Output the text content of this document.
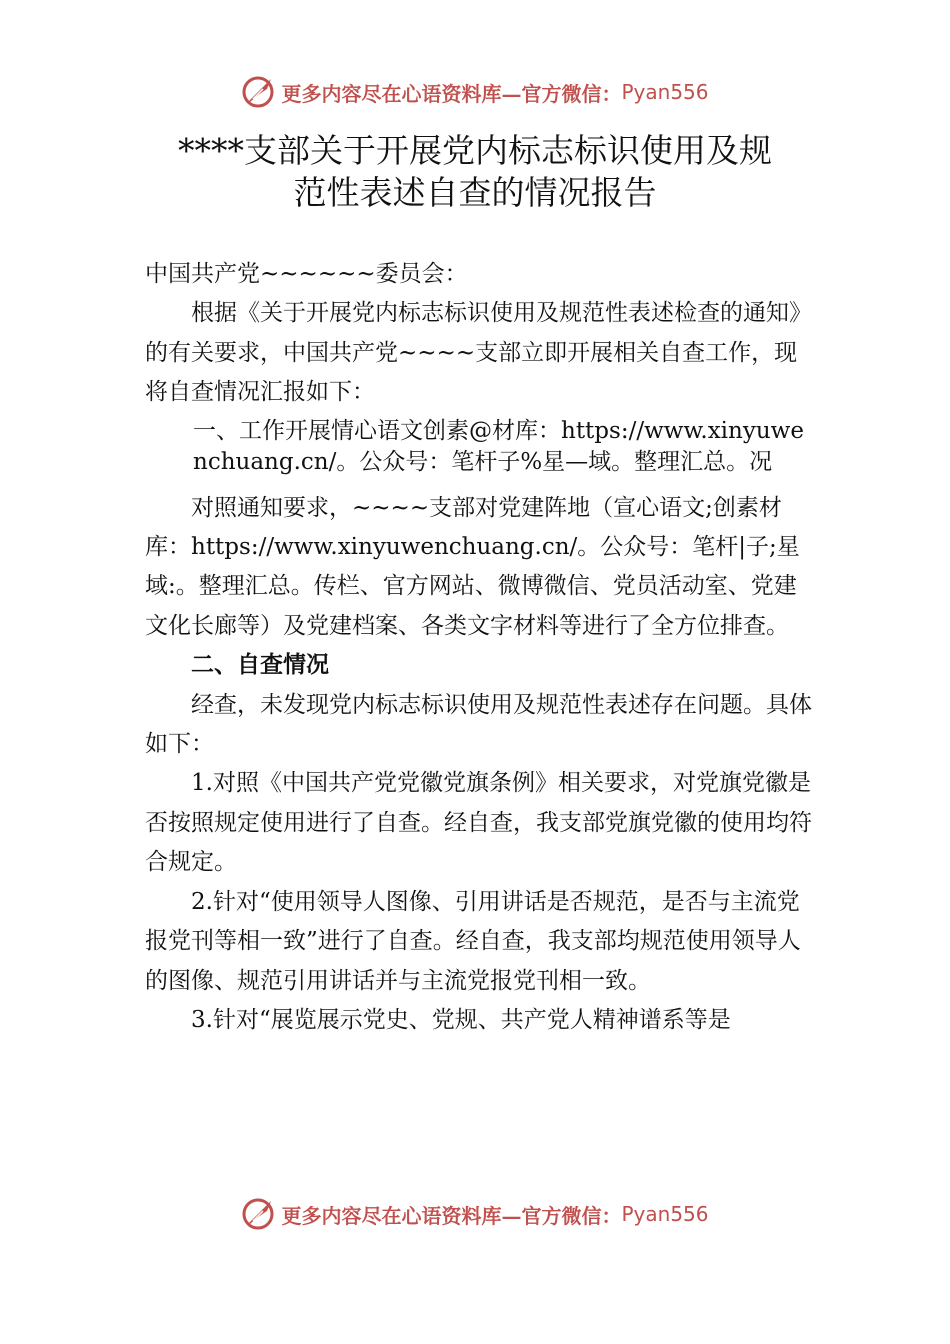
更多内容尽在心语资料库—官方微信： Pyan556
****支部关于开展党内标志标识使用及规
范性表述自查的情况报告

中国共产党~~~~~~委员会：

根据《关于开展党内标志标识使用及规范性表述检查的通知》的有关要求，中国共产党~~~~支部立即开展相关自查工作，现将自查情况汇报如下：

一、工作开展情心语文创素@材库：https://www.xinyuwenchuang.cn/。公众号：笔杆子%星—域。整理汇总。况

对照通知要求，~~~~支部对党建阵地（宣心语文;创素材库：https://www.xinyuwenchuang.cn/。公众号：笔杆|子;星域:。整理汇总。传栏、官方网站、微博微信、党员活动室、党建文化长廊等）及党建档案、各类文字材料等进行了全方位排查。

二、自查情况

经查，未发现党内标志标识使用及规范性表述存在问题。具体如下：

1.对照《中国共产党党徽党旗条例》相关要求，对党旗党徽是否按照规定使用进行了自查。经自查，我支部党旗党徽的使用均符合规定。

2.针对“使用领导人图像、引用讲话是否规范，是否与主流党报党刊等相一致”进行了自查。经自查，我支部均规范使用领导人的图像、规范引用讲话并与主流党报党刊相一致。

3.针对“展览展示党史、党规、共产党人精神谱系等是

更多内容尽在心语资料库—官方微信： Pyan556
